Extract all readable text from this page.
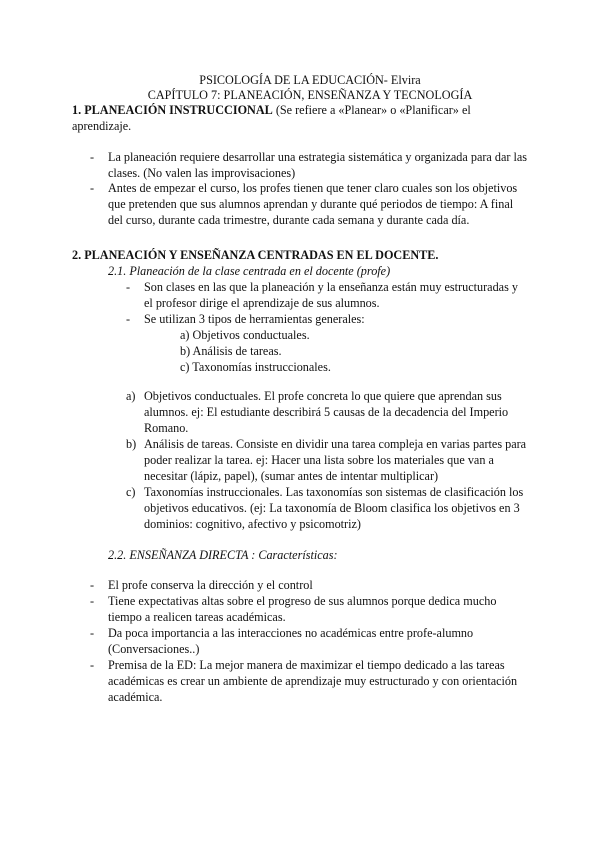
PSICOLOGÍA DE LA EDUCACIÓN- Elvira
CAPÍTULO 7: PLANEACIÓN, ENSEÑANZA Y TECNOLOGÍA
1. PLANEACIÓN INSTRUCCIONAL (Se refiere a «Planear» o «Planificar» el
aprendizaje.
- La planeación requiere desarrollar una estrategia sistemática y organizada para dar las
clases. (No valen las improvisaciones)
- Antes de empezar el curso, los profes tienen que tener claro cuales son los objetivos
que pretenden que sus alumnos aprendan y durante qué periodos de tiempo: A final
del curso, durante cada trimestre, durante cada semana y durante cada día.
2. PLANEACIÓN Y ENSEÑANZA CENTRADAS EN EL DOCENTE.
2.1. Planeación de la clase centrada en el docente (profe)
- Son clases en las que la planeación y la enseñanza están muy estructuradas y
el profesor dirige el aprendizaje de sus alumnos.
- Se utilizan 3 tipos de herramientas generales:
a) Objetivos conductuales.
b) Análisis de tareas.
c) Taxonomías instruccionales.
a) Objetivos conductuales. El profe concreta lo que quiere que aprendan sus
alumnos. ej: El estudiante describirá 5 causas de la decadencia del Imperio
Romano.
b) Análisis de tareas. Consiste en dividir una tarea compleja en varias partes para
poder realizar la tarea. ej: Hacer una lista sobre los materiales que van a
necesitar (lápiz, papel), (sumar antes de intentar multiplicar)
c) Taxonomías instruccionales. Las taxonomías son sistemas de clasificación los
objetivos educativos. (ej: La taxonomía de Bloom clasifica los objetivos en 3
dominios: cognitivo, afectivo y psicomotriz)
2.2. ENSEÑANZA DIRECTA : Características:
- El profe conserva la dirección y el control
- Tiene expectativas altas sobre el progreso de sus alumnos porque dedica mucho
tiempo a realicen tareas académicas.
- Da poca importancia a las interacciones no académicas entre profe-alumno
(Conversaciones..)
- Premisa de la ED: La mejor manera de maximizar el tiempo dedicado a las tareas
académicas es crear un ambiente de aprendizaje muy estructurado y con orientación
académica.
